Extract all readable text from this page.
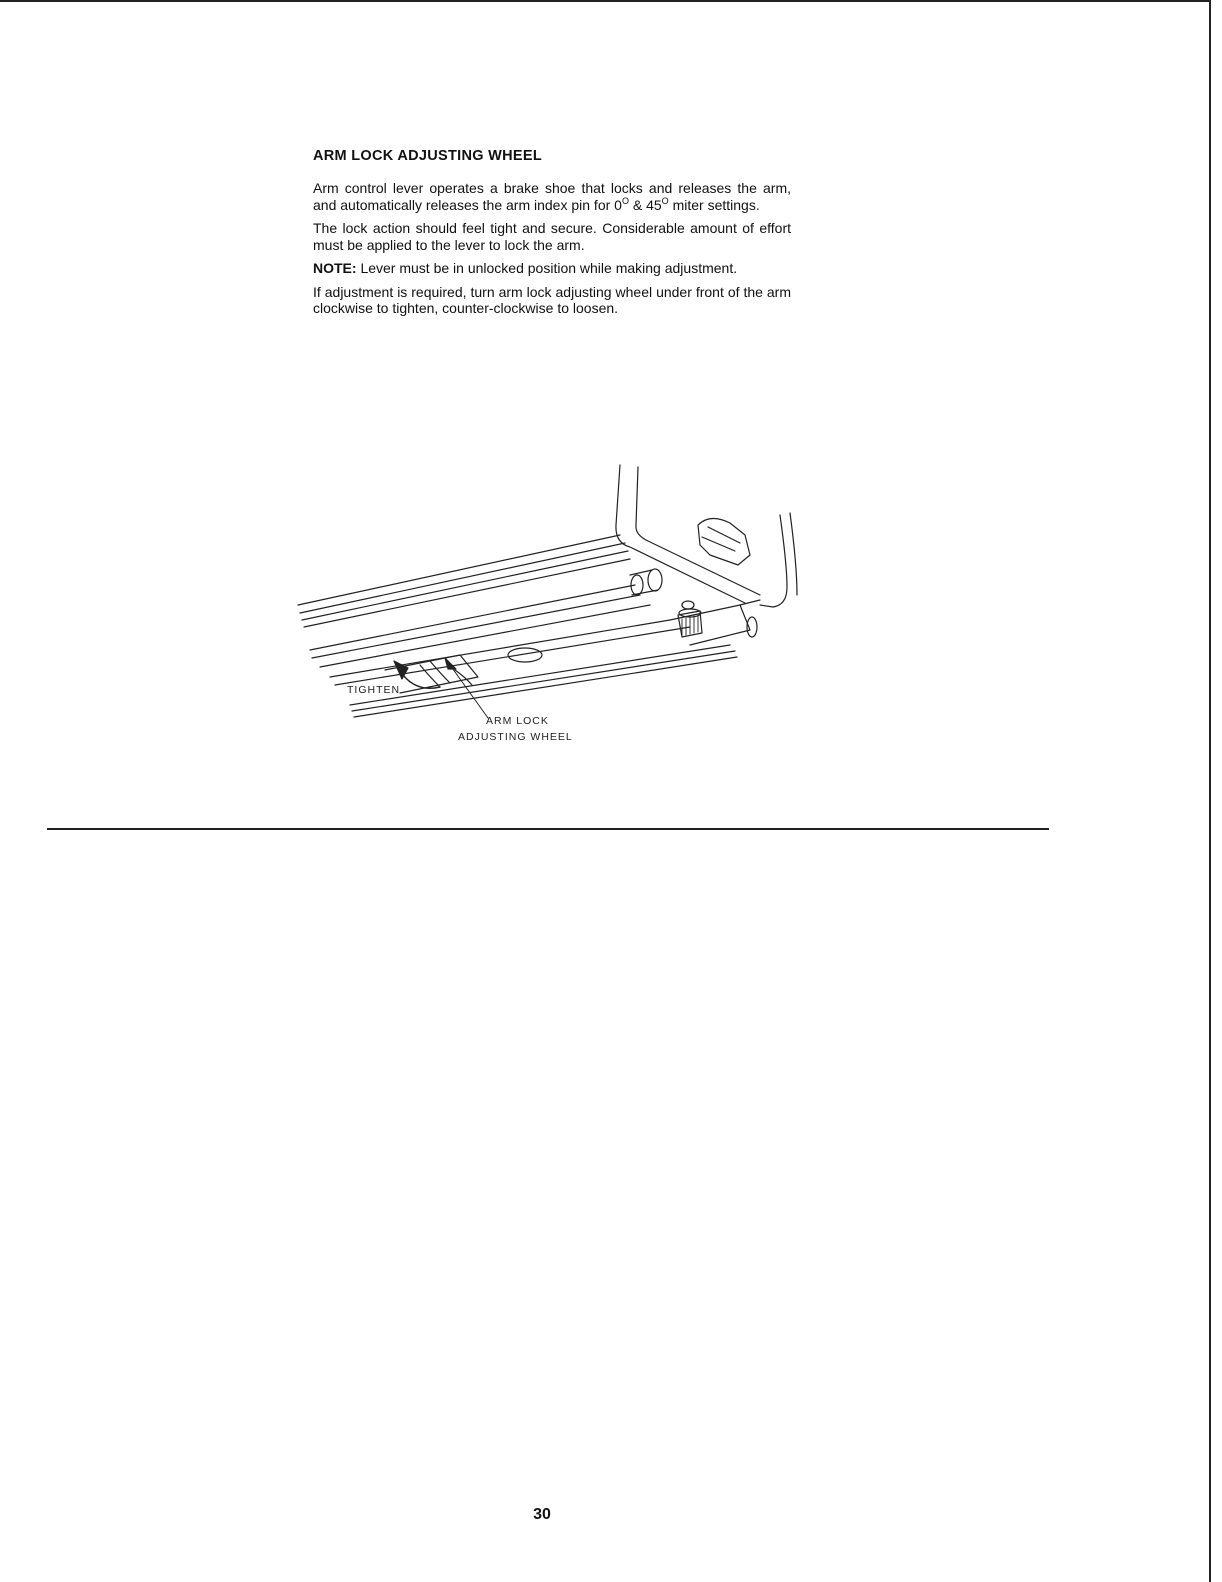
ARM LOCK ADJUSTING WHEEL

Arm control lever operates a brake shoe that locks and releases the arm, and automatically releases the arm index pin for $0^O$ & $45^O$ miter settings.

The lock action should feel tight and secure. Considerable amount of effort must be applied to the lever to lock the arm.

NOTE: Lever must be in unlocked position while making adjustment.

If adjustment is required, turn arm lock adjusting wheel under front of the arm clockwise to tighten, counter-clockwise to loosen.

TIGHTEN
ARM LOCK
ADJUSTING WHEEL
30
